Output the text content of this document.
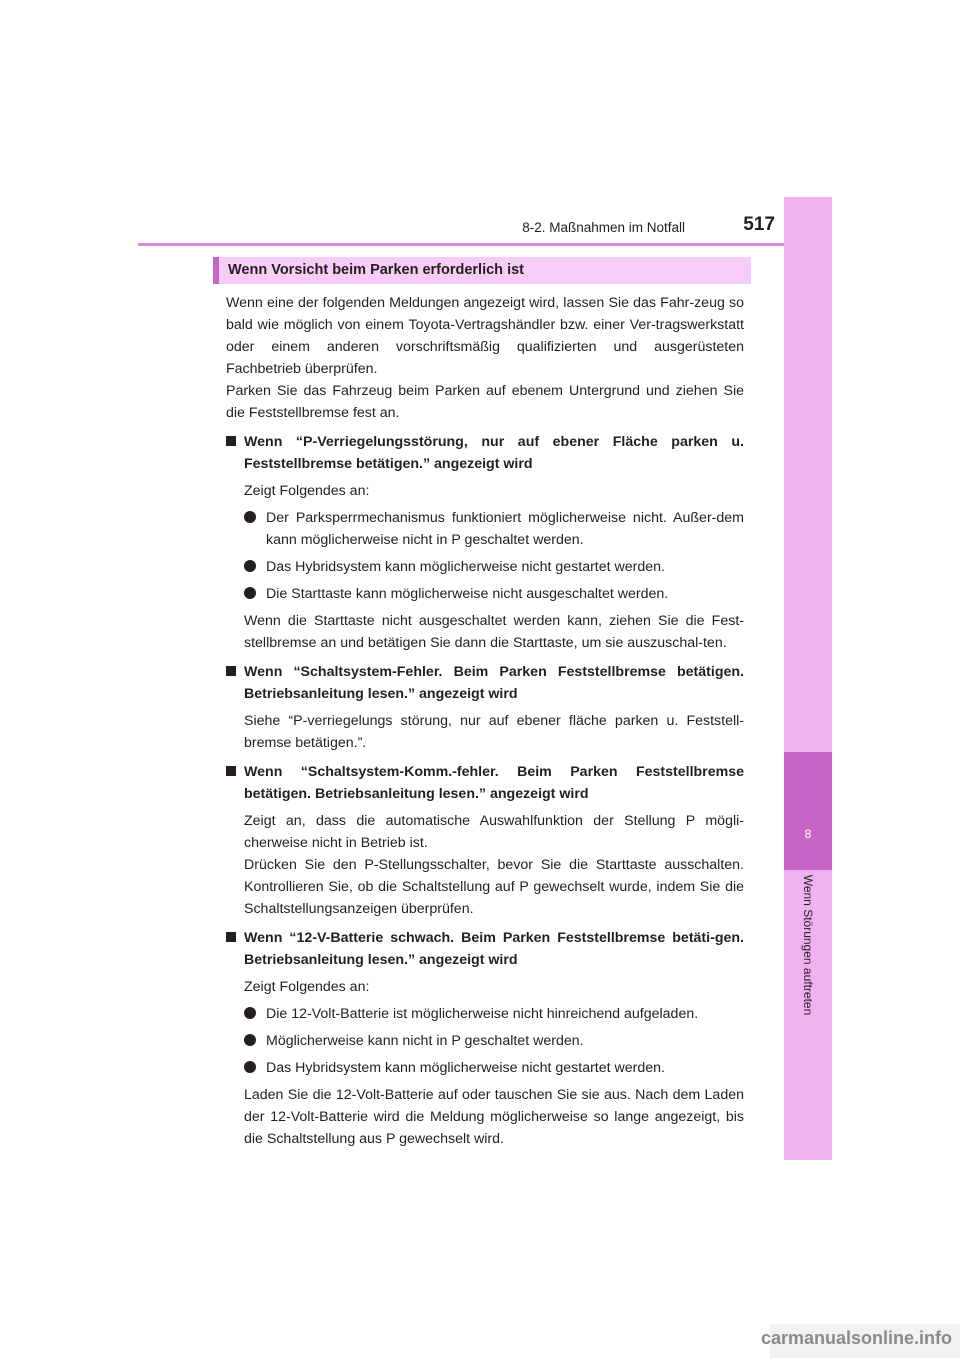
8-2. Maßnahmen im Notfall	517
8
Wenn Störungen auftreten
Wenn Vorsicht beim Parken erforderlich ist

Wenn eine der folgenden Meldungen angezeigt wird, lassen Sie das Fahr-zeug so bald wie möglich von einem Toyota-Vertragshändler bzw. einer Ver-tragswerkstatt oder einem anderen vorschriftsmäßig qualifizierten und ausgerüsteten Fachbetrieb überprüfen.

Parken Sie das Fahrzeug beim Parken auf ebenem Untergrund und ziehen Sie die Feststellbremse fest an.

Wenn “P-Verriegelungsstörung, nur auf ebener Fläche parken u. Feststellbremse betätigen.” angezeigt wird

Zeigt Folgendes an:

Der Parksperrmechanismus funktioniert möglicherweise nicht. Außer-dem kann möglicherweise nicht in P geschaltet werden.

Das Hybridsystem kann möglicherweise nicht gestartet werden.

Die Starttaste kann möglicherweise nicht ausgeschaltet werden.

Wenn die Starttaste nicht ausgeschaltet werden kann, ziehen Sie die Fest-stellbremse an und betätigen Sie dann die Starttaste, um sie auszuschal-ten.

Wenn “Schaltsystem-Fehler. Beim Parken Feststellbremse betätigen. Betriebsanleitung lesen.” angezeigt wird

Siehe “P-verriegelungs störung, nur auf ebener fläche parken u. Feststell-bremse betätigen.”.

Wenn “Schaltsystem-Komm.-fehler. Beim Parken Feststellbremse betätigen. Betriebsanleitung lesen.” angezeigt wird

Zeigt an, dass die automatische Auswahlfunktion der Stellung P mögli-cherweise nicht in Betrieb ist.

Drücken Sie den P-Stellungsschalter, bevor Sie die Starttaste ausschalten. Kontrollieren Sie, ob die Schaltstellung auf P gewechselt wurde, indem Sie die Schaltstellungsanzeigen überprüfen.

Wenn “12-V-Batterie schwach. Beim Parken Feststellbremse betäti-gen. Betriebsanleitung lesen.” angezeigt wird

Zeigt Folgendes an:

Die 12-Volt-Batterie ist möglicherweise nicht hinreichend aufgeladen.

Möglicherweise kann nicht in P geschaltet werden.

Das Hybridsystem kann möglicherweise nicht gestartet werden.

Laden Sie die 12-Volt-Batterie auf oder tauschen Sie sie aus. Nach dem Laden der 12-Volt-Batterie wird die Meldung möglicherweise so lange angezeigt, bis die Schaltstellung aus P gewechselt wird.

carmanualsonline.info
